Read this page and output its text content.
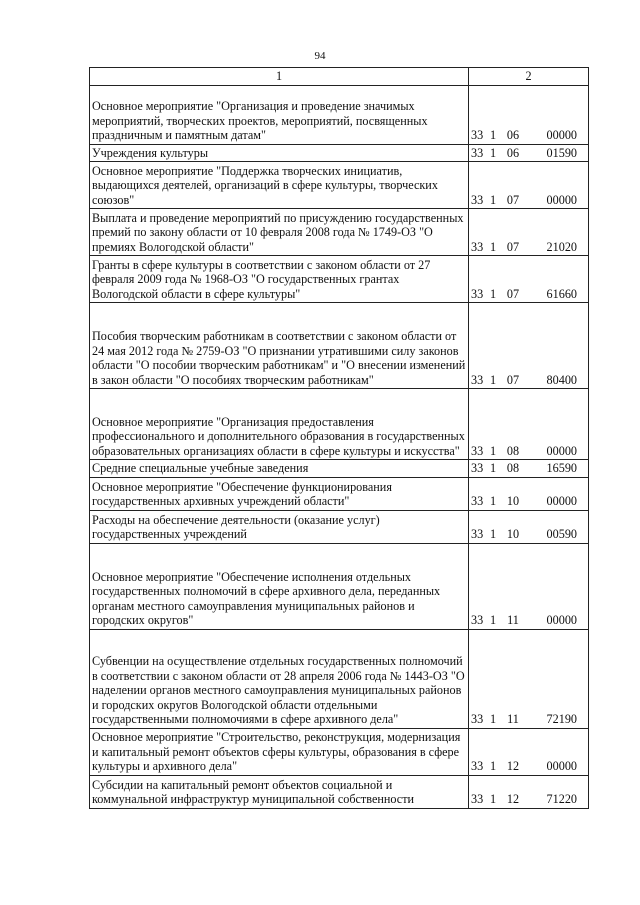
94
1	2
Основное мероприятие "Организация и проведение значимых мероприятий, творческих проектов, мероприятий, посвященных праздничным и памятным датам"	33 1 06 00000
Учреждения культуры	33 1 06 01590
Основное мероприятие "Поддержка творческих инициатив, выдающихся деятелей, организаций в сфере культуры, творческих союзов"	33 1 07 00000
Выплата и проведение мероприятий по присуждению государственных премий по закону области от 10 февраля 2008 года № 1749-ОЗ "О премиях Вологодской области"	33 1 07 21020
Гранты в сфере культуры в соответствии с законом области от 27 февраля 2009 года № 1968-ОЗ "О государственных грантах Вологодской области в сфере культуры"	33 1 07 61660
Пособия творческим работникам в соответствии с законом области от 24 мая 2012 года № 2759-ОЗ "О признании утратившими силу законов области "О пособии творческим работникам" и "О внесении изменений в закон области "О пособиях творческим работникам"	33 1 07 80400
Основное мероприятие "Организация предоставления профессионального и дополнительного образования в государственных образовательных организациях области в сфере культуры и искусства"	33 1 08 00000
Средние специальные учебные заведения	33 1 08 16590
Основное мероприятие "Обеспечение функционирования государственных архивных учреждений области"	33 1 10 00000
Расходы на обеспечение деятельности (оказание услуг) государственных учреждений	33 1 10 00590
Основное мероприятие "Обеспечение исполнения отдельных государственных полномочий в сфере архивного дела, переданных органам местного самоуправления муниципальных районов и городских округов"	33 1 11 00000
Субвенции на осуществление отдельных государственных полномочий в соответствии с законом области от 28 апреля 2006 года № 1443-ОЗ "О наделении органов местного самоуправления муниципальных районов и городских округов Вологодской области отдельными государственными полномочиями в сфере архивного дела"	33 1 11 72190
Основное мероприятие "Строительство, реконструкция, модернизация и капитальный ремонт объектов сферы культуры, образования в сфере культуры и архивного дела"	33 1 12 00000
Субсидии на капитальный ремонт объектов социальной и коммунальной инфраструктур муниципальной собственности	33 1 12 71220
